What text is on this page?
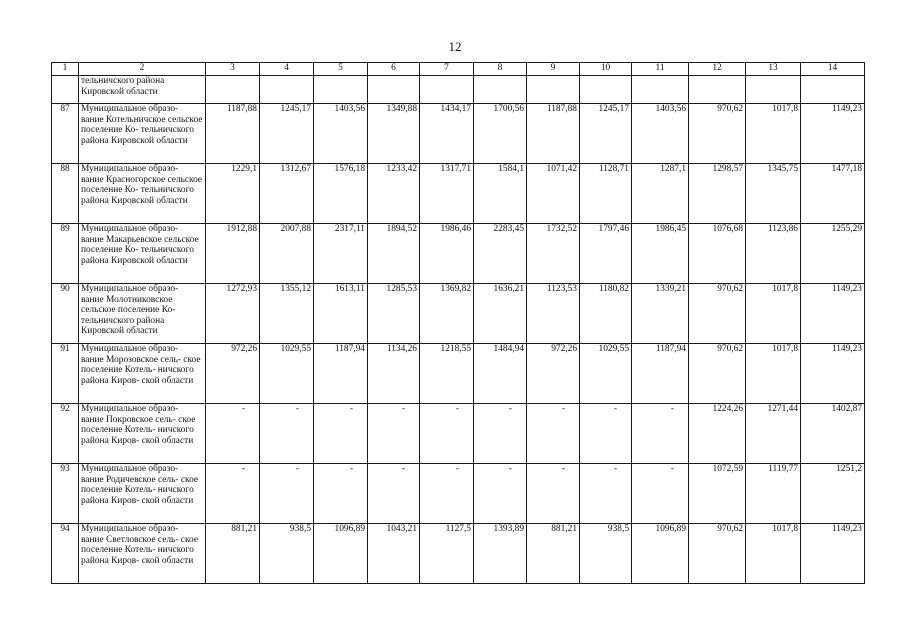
12
1	2	3	4	5	6	7	8	9	10	11	12	13	14
	тельничского района Кировской области												
87	Муниципальное образо- вание Котельничское сельское поселение Ко- тельничского района Кировской области	1187,88	1245,17	1403,56	1349,88	1434,17	1700,56	1187,88	1245,17	1403,56	970,62	1017,8	1149,23
88	Муниципальное образо- вание Красногорское сельское поселение Ко- тельничского района Кировской области	1229,1	1312,67	1576,18	1233,42	1317,71	1584,1	1071,42	1128,71	1287,1	1298,57	1345,75	1477,18
89	Муниципальное образо- вание Макарьевское сельское поселение Ко- тельничского района Кировской области	1912,88	2007,88	2317,11	1894,52	1986,46	2283,45	1732,52	1797,46	1986,45	1076,68	1123,86	1255,29
90	Муниципальное образо- вание Молотниковское сельское поселение Ко- тельничского района Кировской области	1272,93	1355,12	1613,11	1285,53	1369,82	1636,21	1123,53	1180,82	1339,21	970,62	1017,8	1149,23
91	Муниципальное образо- вание Морозовское сель- ское поселение Котель- ничского района Киров- ской области	972,26	1029,55	1187,94	1134,26	1218,55	1484,94	972,26	1029,55	1187,94	970,62	1017,8	1149,23
92	Муниципальное образо- вание Покровское сель- ское поселение Котель- ничского района Киров- ской области	-	-	-	-	-	-	-	-	-	1224,26	1271,44	1402,87
93	Муниципальное образо- вание Родичевское сель- ское поселение Котель- ничского района Киров- ской области	-	-	-	-	-	-	-	-	-	1072,59	1119,77	1251,2
94	Муниципальное образо- вание Светловское сель- ское поселение Котель- ничского района Киров- ской области	881,21	938,5	1096,89	1043,21	1127,5	1393,89	881,21	938,5	1096,89	970,62	1017,8	1149,23
